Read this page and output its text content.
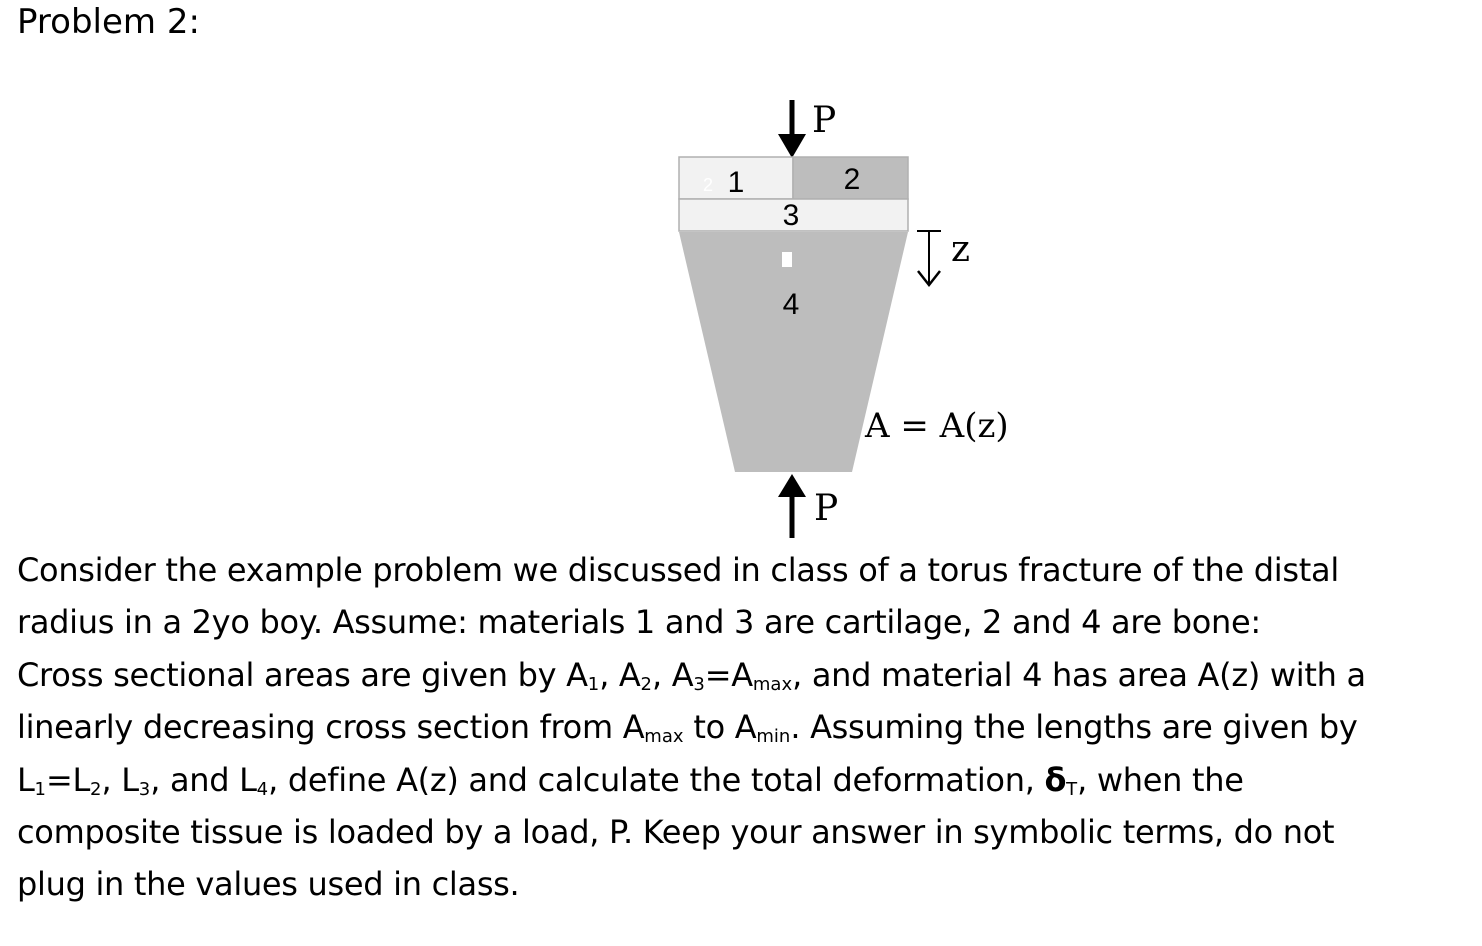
Problem 2:
P
2 1	2
3
4
z
A = A(z)
P

Consider the example problem we discussed in class of a torus fracture of the distal
radius in a 2yo boy. Assume: materials 1 and 3 are cartilage, 2 and 4 are bone:
Cross sectional areas are given by $A_1$, $A_2$, $A_3=A_{max}$, and material 4 has area A(z) with a
linearly decreasing cross section from $A_{max}$ to $A_{min}$. Assuming the lengths are given by
$L_1=L_2$, $L_3$, and $L_4$, define A(z) and calculate the total deformation, $\delta_T$, when the
composite tissue is loaded by a load, P. Keep your answer in symbolic terms, do not
plug in the values used in class.
